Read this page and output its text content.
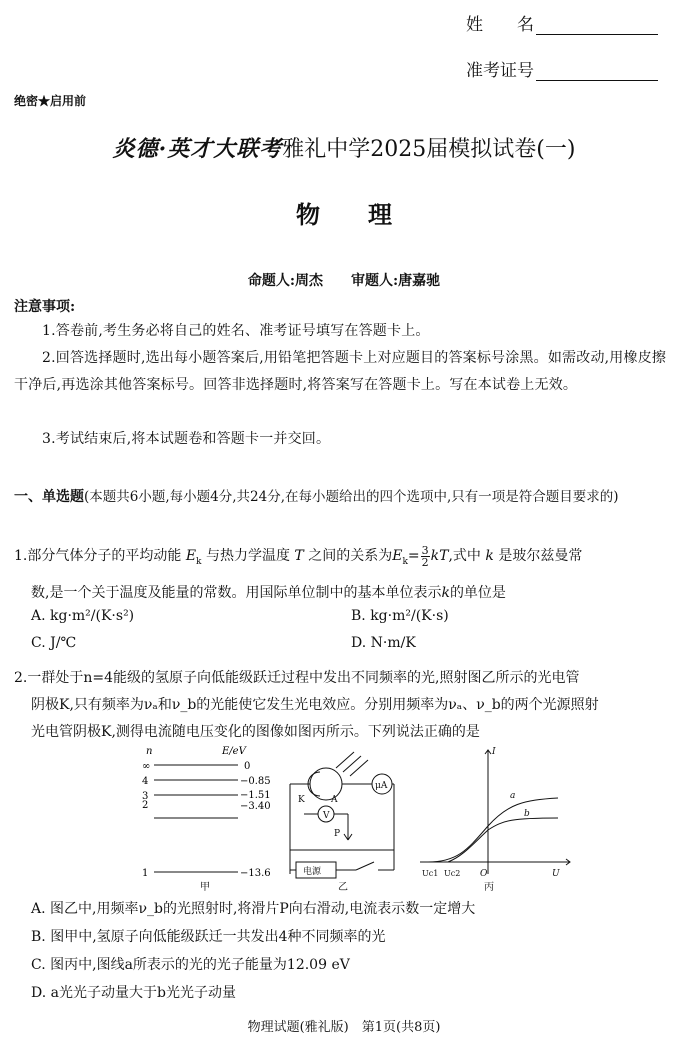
姓　　名
准考证号
绝密★启用前
炎德·英才大联考雅礼中学2025届模拟试卷(一)
物　　理
命题人:周杰　　审题人:唐嘉驰
注意事项:
1.答卷前,考生务必将自己的姓名、准考证号填写在答题卡上。
2.回答选择题时,选出每小题答案后,用铅笔把答题卡上对应题目的答案标号涂黑。如需改动,用橡皮擦干净后,再选涂其他答案标号。回答非选择题时,将答案写在答题卡上。写在本试卷上无效。
3.考试结束后,将本试题卷和答题卡一并交回。
一、单选题(本题共6小题,每小题4分,共24分,在每小题给出的四个选项中,只有一项是符合题目要求的)
1.部分气体分子的平均动能 $E_k$ 与热力学温度 T 之间的关系为$E_k= \frac{3}{2}$ kT,式中 k 是玻尔兹曼常
数,是一个关于温度及能量的常数。用国际单位制中的基本单位表示k的单位是
A. kg·m²/(K·s²)	B. kg·m²/(K·s)
C. J/℃	D. N·m/K
2.一群处于n=4能级的氢原子向低能级跃迁过程中发出不同频率的光,照射图乙所示的光电管
阴极K,只有频率为νₐ和ν_b的光能使它发生光电效应。分别用频率为νₐ、ν_b的两个光源照射
光电管阴极K,测得电流随电压变化的图像如图丙所示。下列说法正确的是
n	E/eV
∞	0
4	−0.85
3	−1.51
2	−3.40
1	−13.6
甲
K	A
V
μA
P
电源
乙
I
U
O
a
b
Uc1 Uc2
丙
A. 图乙中,用频率ν_b的光照射时,将滑片P向右滑动,电流表示数一定增大
B. 图甲中,氢原子向低能级跃迁一共发出4种不同频率的光
C. 图丙中,图线a所表示的光的光子能量为12.09 eV
D. a光光子动量大于b光光子动量
物理试题(雅礼版)　第1页(共8页)
